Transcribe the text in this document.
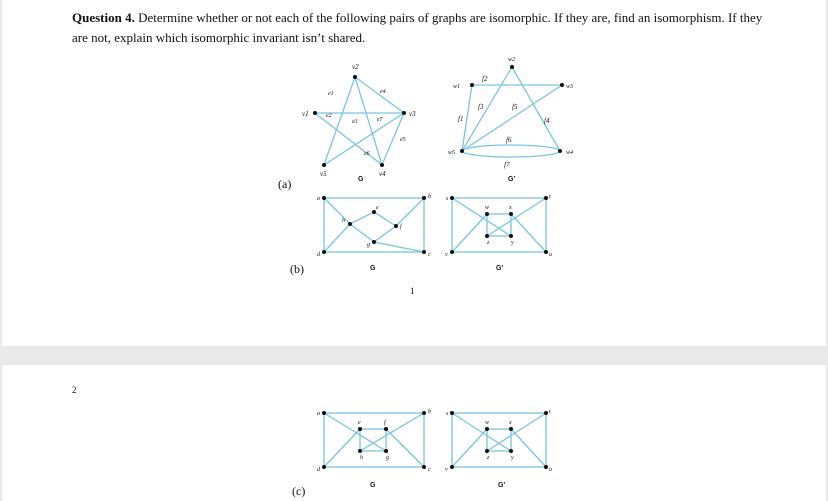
Question 4. Determine whether or not each of the following pairs of graphs are isomorphic. If they are, find an isomorphism. If they are not, explain which isomorphic invariant isn’t shared.
(a)
v2
v1	v3
v5	v4
e1
e2
e3
e4
e5
e6
e7
G
w1
w2
w3
w5	w4
f1
f2
f3
f4
f5
f6
f7
G′
(b)
a	b
c
d
e
f
g
h
G
s	t
u
v
w	x
y
z
G′
1
2
a	b
c
d
e	f
g
h
G
s	t
u
v
w	x
y
z
G′
(c)
